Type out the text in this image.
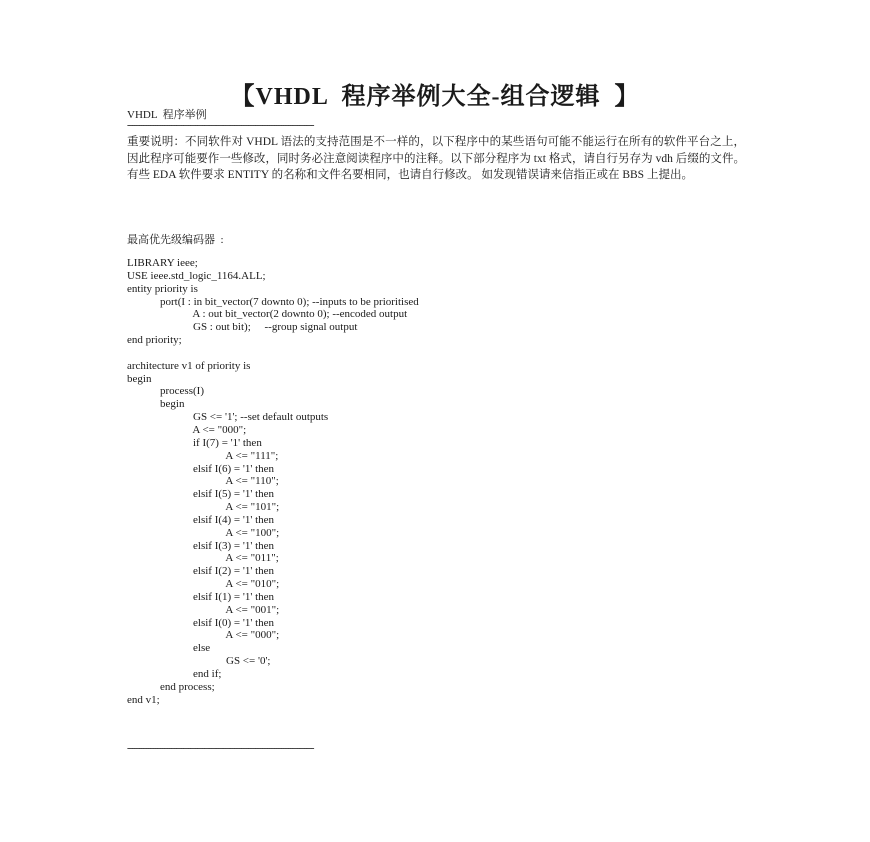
【VHDL  程序举例大全-组合逻辑  】
VHDL  程序举例
--------------------------------------------------------------------------------
重要说明：不同软件对 VHDL 语法的支持范围是不一样的，以下程序中的某些语句可能不能运行在所有的软件平台之上，因此程序可能要作一些修改，同时务必注意阅读程序中的注释。以下部分程序为 txt 格式，请自行另存为 vdh 后缀的文件。有些 EDA 软件要求 ENTITY 的名称和文件名要相同，也请自行修改。 如发现错误请来信指正或在 BBS 上提出。
最高优先级编码器  :
LIBRARY ieee;
USE ieee.std_logic_1164.ALL;
entity priority is
port(I : in bit_vector(7 downto 0); --inputs to be prioritised
A : out bit_vector(2 downto 0); --encoded output
GS : out bit);     --group signal output
end priority;
architecture v1 of priority is
begin
process(I)
begin
GS <= '1'; --set default outputs
A <= "000";
if I(7) = '1' then
A <= "111";
elsif I(6) = '1' then
A <= "110";
elsif I(5) = '1' then
A <= "101";
elsif I(4) = '1' then
A <= "100";
elsif I(3) = '1' then
A <= "011";
elsif I(2) = '1' then
A <= "010";
elsif I(1) = '1' then
A <= "001";
elsif I(0) = '1' then
A <= "000";
else
GS <= '0';
end if;
end process;
end v1;
--------------------------------------------------------------------------------
